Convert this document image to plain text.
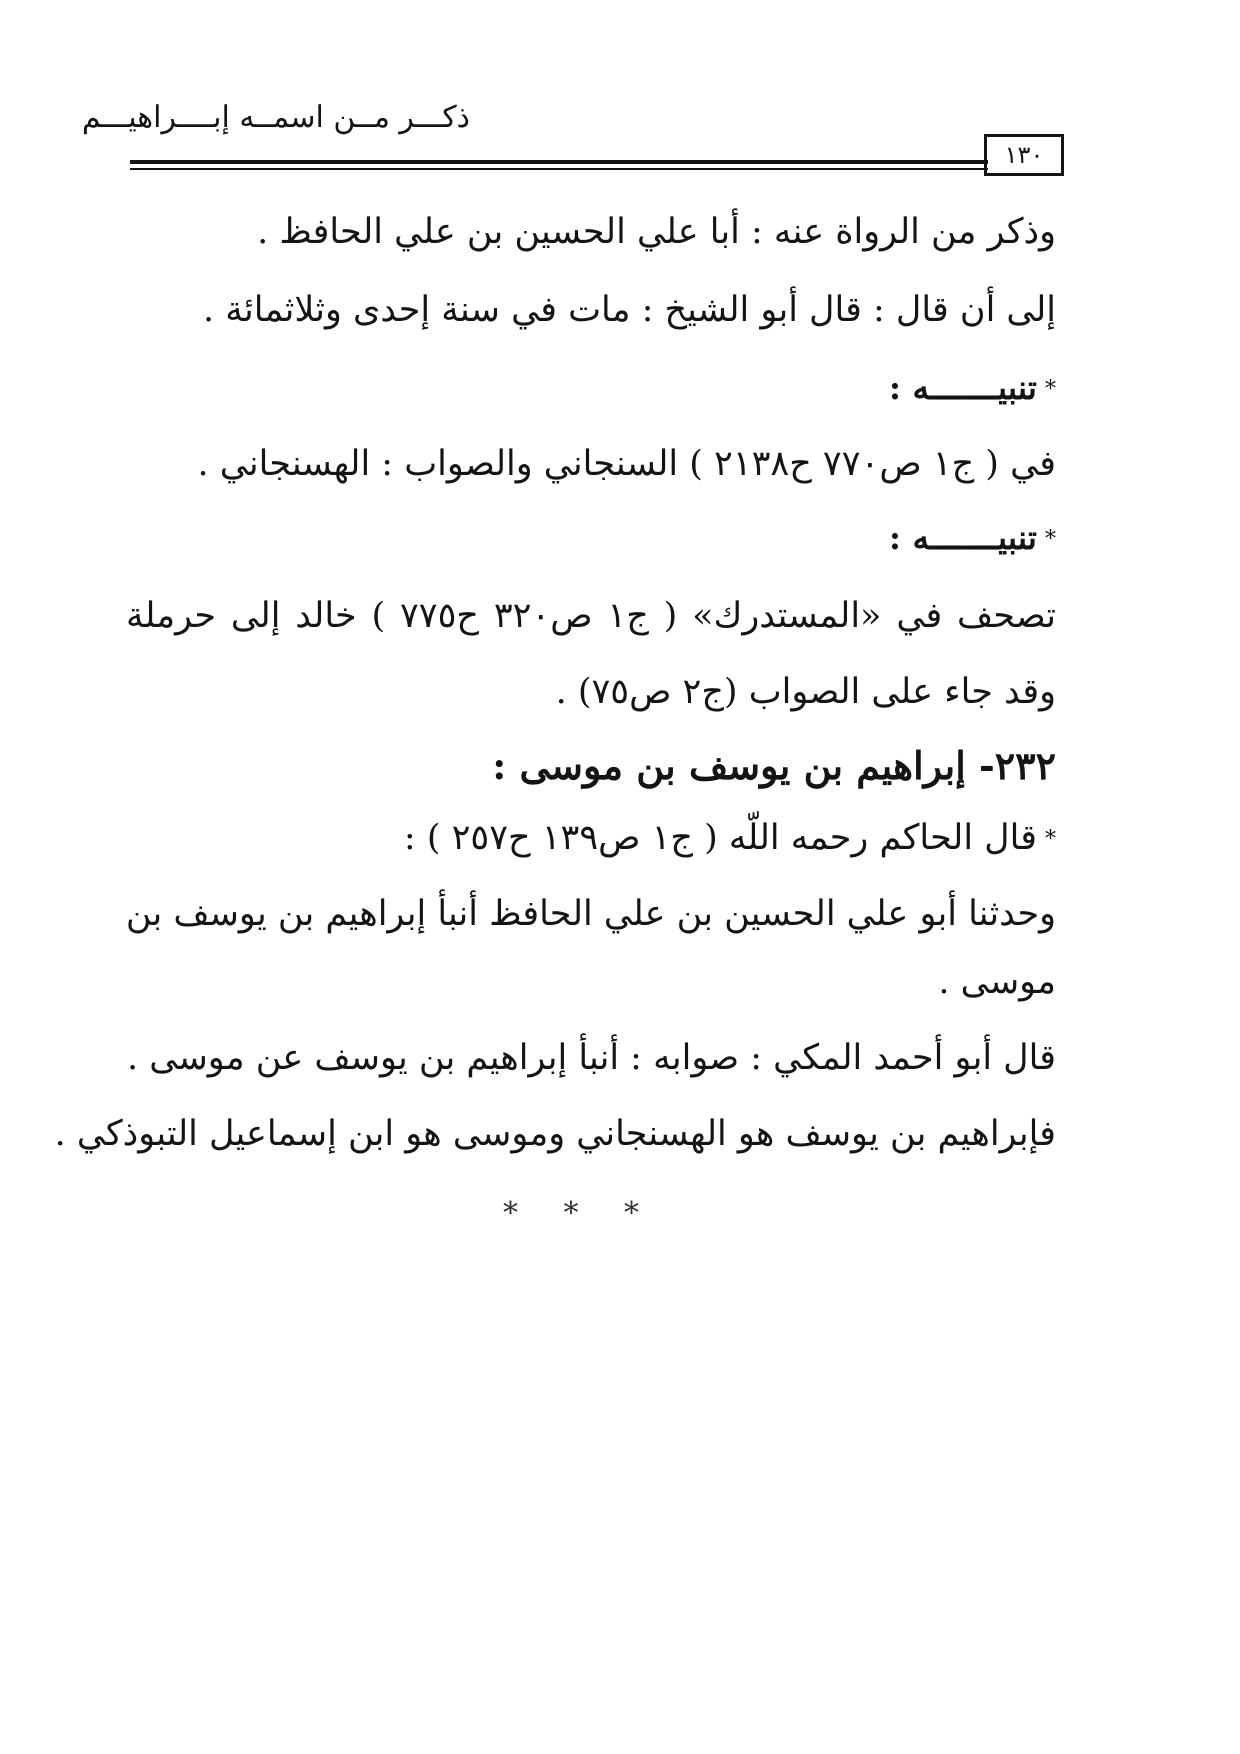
ذكـــر مــن اسمــه إبــــراهيـــم
١٣٠
وذكر من الرواة عنه : أبا علي الحسين بن علي الحافظ .
إلى أن قال : قال أبو الشيخ : مات في سنة إحدى وثلاثمائة .
*تنبيـــــــه :
في ( ج١ ص٧٧٠ ح٢١٣٨ ) السنجاني والصواب : الهسنجاني .
*تنبيـــــــه :
تصحف في «المستدرك» ( ج١ ص٣٢٠ ح٧٧٥ ) خالد إلى حرملة
وقد جاء على الصواب (ج٢ ص٧٥) .
٢٣٢- إبراهيم بن يوسف بن موسى :
*قال الحاكم رحمه اللّه ( ج١ ص١٣٩ ح٢٥٧ ) :
وحدثنا أبو علي الحسين بن علي الحافظ أنبأ إبراهيم بن يوسف بن
موسى .
قال أبو أحمد المكي : صوابه : أنبأ إبراهيم بن يوسف عن موسى .
فإبراهيم بن يوسف هو الهسنجاني وموسى هو ابن إسماعيل التبوذكي .
* * *
